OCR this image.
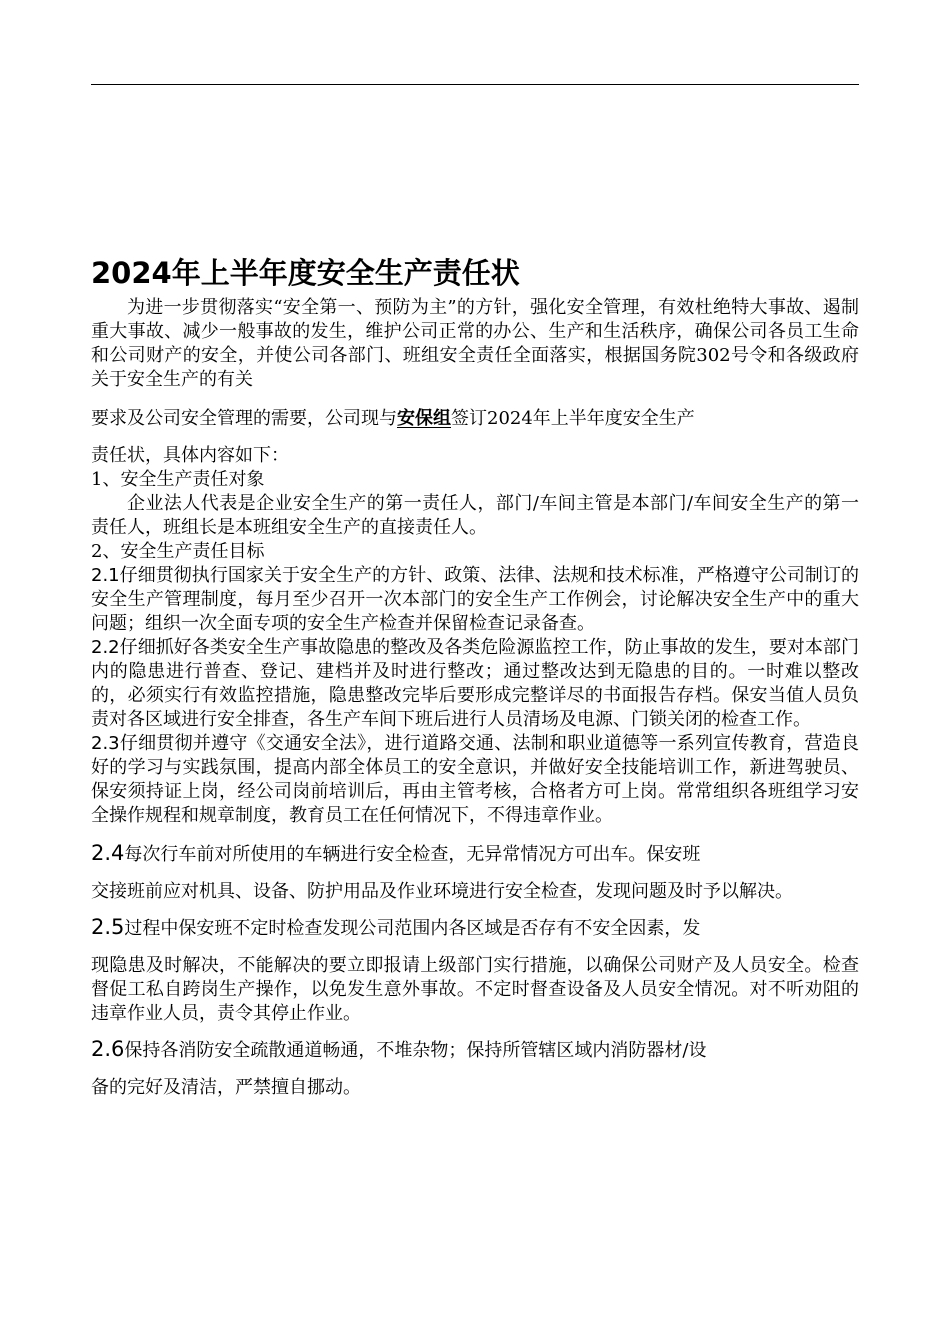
2024年上半年度安全生产责任状

为进一步贯彻落实“安全第一、预防为主”的方针，强化安全管理，有效杜绝特大事故、遏制重大事故、减少一般事故的发生，维护公司正常的办公、生产和生活秩序，确保公司各员工生命和公司财产的安全，并使公司各部门、班组安全责任全面落实，根据国务院302号令和各级政府关于安全生产的有关

要求及公司安全管理的需要，公司现与安保组签订2024年上半年度安全生产

责任状，具体内容如下：

1、安全生产责任对象

企业法人代表是企业安全生产的第一责任人，部门/车间主管是本部门/车间安全生产的第一责任人，班组长是本班组安全生产的直接责任人。

2、安全生产责任目标

2.1仔细贯彻执行国家关于安全生产的方针、政策、法律、法规和技术标准，严格遵守公司制订的安全生产管理制度，每月至少召开一次本部门的安全生产工作例会，讨论解决安全生产中的重大问题；组织一次全面专项的安全生产检查并保留检查记录备查。

2.2仔细抓好各类安全生产事故隐患的整改及各类危险源监控工作，防止事故的发生，要对本部门内的隐患进行普查、登记、建档并及时进行整改；通过整改达到无隐患的目的。一时难以整改的，必须实行有效监控措施，隐患整改完毕后要形成完整详尽的书面报告存档。保安当值人员负责对各区域进行安全排查，各生产车间下班后进行人员清场及电源、门锁关闭的检查工作。

2.3仔细贯彻并遵守《交通安全法》，进行道路交通、法制和职业道德等一系列宣传教育，营造良好的学习与实践氛围，提高内部全体员工的安全意识，并做好安全技能培训工作，新进驾驶员、保安须持证上岗，经公司岗前培训后，再由主管考核，合格者方可上岗。常常组织各班组学习安全操作规程和规章制度，教育员工在任何情况下，不得违章作业。

2.4每次行车前对所使用的车辆进行安全检查，无异常情况方可出车。保安班
交接班前应对机具、设备、防护用品及作业环境进行安全检查，发现问题及时予以解决。

2.5过程中保安班不定时检查发现公司范围内各区域是否存有不安全因素，发
现隐患及时解决，不能解决的要立即报请上级部门实行措施，以确保公司财产及人员安全。检查督促工私自跨岗生产操作，以免发生意外事故。不定时督查设备及人员安全情况。对不听劝阻的违章作业人员，责令其停止作业。

2.6保持各消防安全疏散通道畅通，不堆杂物；保持所管辖区域内消防器材/设
备的完好及清洁，严禁擅自挪动。
